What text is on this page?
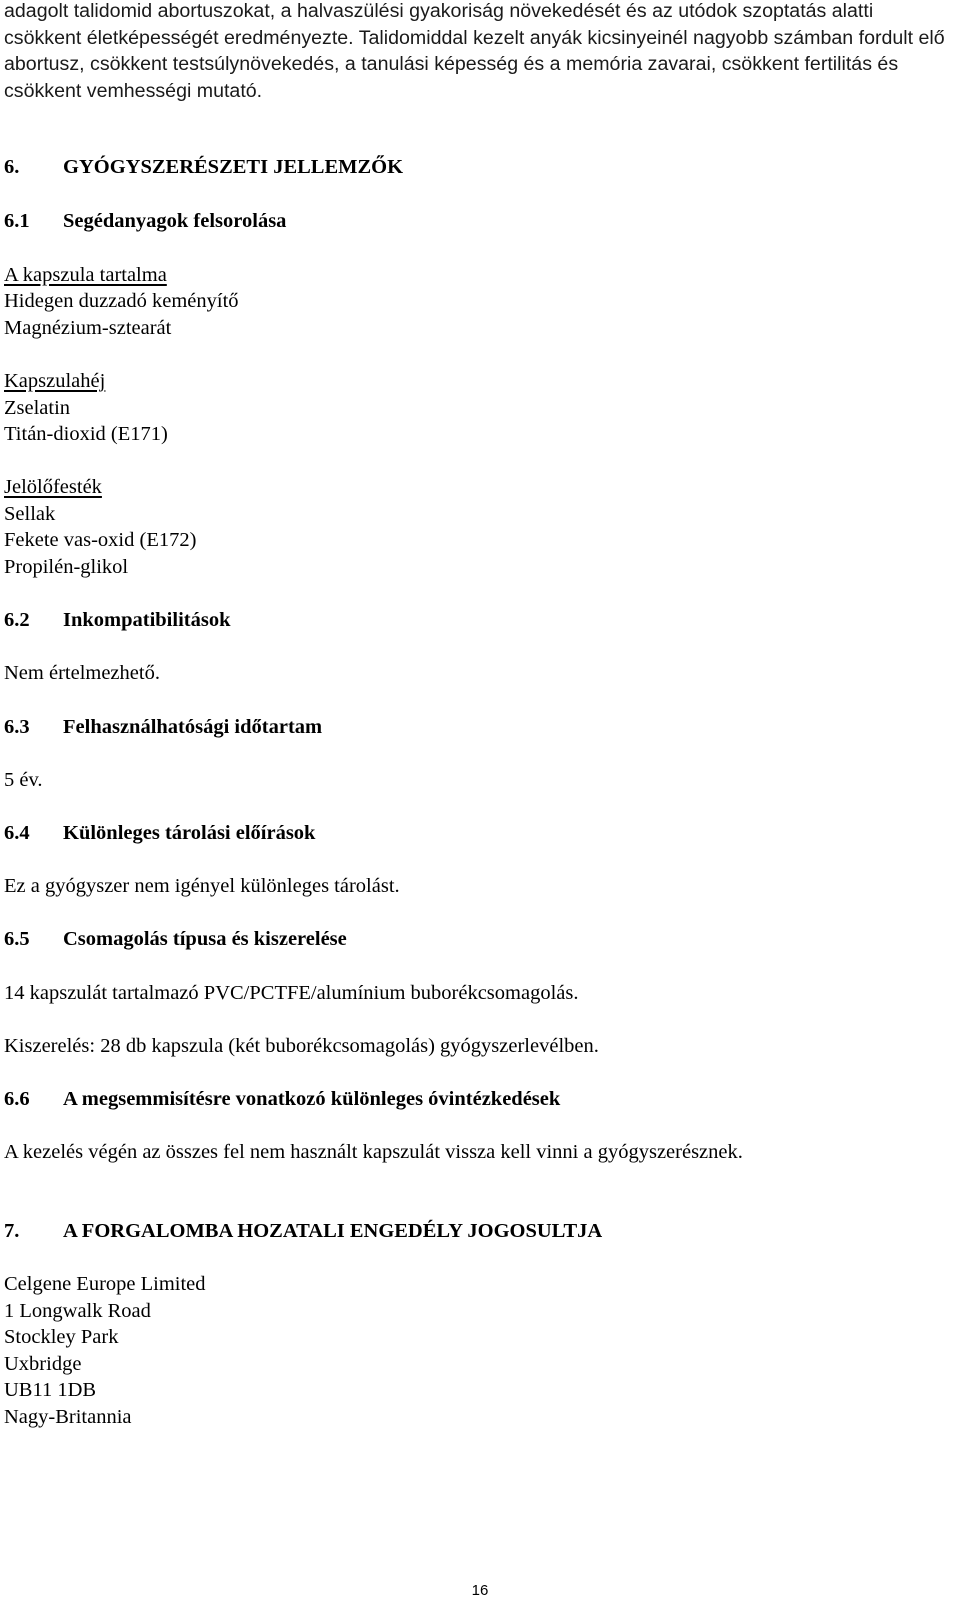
adagolt talidomid abortuszokat, a halvaszülési gyakoriság növekedését és az utódok szoptatás alatti csökkent életképességét eredményezte. Talidomiddal kezelt anyák kicsinyeinél nagyobb számban fordult elő abortusz, csökkent testsúlynövekedés, a tanulási képesség és a memória zavarai, csökkent fertilitás és csökkent vemhességi mutató.

6. GYÓGYSZERÉSZETI JELLEMZŐK
6.1 Segédanyagok felsorolása
A kapszula tartalma
Hidegen duzzadó keményítő
Magnézium-sztearát
Kapszulahéj
Zselatin
Titán-dioxid (E171)
Jelölőfesték
Sellak
Fekete vas-oxid (E172)
Propilén-glikol
6.2 Inkompatibilitások
Nem értelmezhető.
6.3 Felhasználhatósági időtartam
5 év.
6.4 Különleges tárolási előírások
Ez a gyógyszer nem igényel különleges tárolást.
6.5 Csomagolás típusa és kiszerelése
14 kapszulát tartalmazó PVC/PCTFE/alumínium buborékcsomagolás.
Kiszerelés: 28 db kapszula (két buborékcsomagolás) gyógyszerlevélben.
6.6 A megsemmisítésre vonatkozó különleges óvintézkedések
A kezelés végén az összes fel nem használt kapszulát vissza kell vinni a gyógyszerésznek.
7. A FORGALOMBA HOZATALI ENGEDÉLY JOGOSULTJA
Celgene Europe Limited
1 Longwalk Road
Stockley Park
Uxbridge
UB11 1DB
Nagy-Britannia
16
